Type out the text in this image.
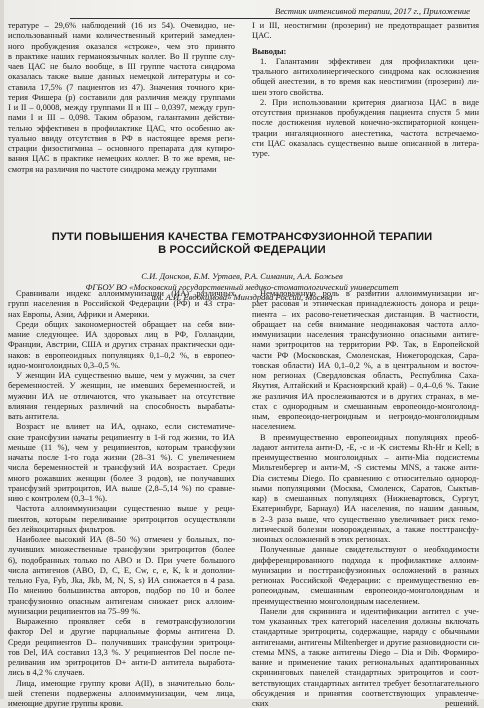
Вестник интенсивной терапии, 2017 г., Приложение
тературе – 29,6% наблюдений (16 из 54). Очевидно, не-
использованный нами количественный критерий замедлен-
ного пробуждения оказался «строже», чем это принято
в практике наших германоязычных коллег. Во II группе слу-
чаев ЦАС не было вообще, в III группе частота синдрома
оказалась также выше данных немецкой литературы и со-
ставила 17,5% (7 пациентов из 47). Значения точного кри-
терия Фишера (р) составили для различия между группами
I и II – 0,0008, между группами II и III – 0,0397, между груп-
пами I и III – 0,098. Таким образом, галантамин действи-
тельно эффективен в профилактике ЦАС, что особенно ак-
туально ввиду отсутствия в РФ в настоящее время реги-
страции физостигмина – основного препарата для купиро-
вания ЦАС в практике немецких коллег. В то же время, не-
смотря на различия по частоте синдрома между группами
I и III, неостигмин (прозерин) не предотвращает развития
ЦАС.
Выводы:
1. Галантамин эффективен для профилактики цен-
трального антихолинергического синдрома как осложнения
общей анестезии, в то время как неостигмин (прозерин) ли-
шен этого свойства.
2. При использовании критерия диагноза ЦАС в виде
отсутствия признаков пробуждения пациента спустя 5 мин
после достижения нулевой конечно-экспираторной концен-
трации ингаляционного анестетика, частота встречаемо-
сти ЦАС оказалась существенно выше описанной в литера-
туре.
ПУТИ ПОВЫШЕНИЯ КАЧЕСТВА ГЕМОТРАНСФУЗИОННОЙ ТЕРАПИИ
В РОССИЙСКОЙ ФЕДЕРАЦИИ
С.И. Донсков, Б.М. Уртаев, Р.А. Симанин, А.А. Божьев
ФГБОУ ВО «Московский государственный медико-стоматологический университет
им. А.И. Евдокимова» Минздрава России, Москва
Сравнивали индекс аллоиммунизации (ИА) различных
групп населения в Российской Федерации (РФ) и 43 стра-
нах Европы, Азии, Африки и Америки.
Среди общих закономерностей обращает на себя вни-
мание следующее. ИА здоровых лиц в РФ, Голландии,
Франции, Австрии, США и других странах практически оди-
наков: в европеоидных популяциях 0,1–0,2 %, в европео-
идно-монголоидных 0,3–0,5 %.
У женщин ИА существенно выше, чем у мужчин, за счет
беременностей. У женщин, не имевших беременностей, и
мужчин ИА не отличаются, что указывает на отсутствие
влияния гендерных различий на способность вырабаты-
вать антитела.
Возраст не влияет на ИА, однако, если систематиче-
ские трансфузии начаты реципиенту в 1-й год жизни, то ИА
меньше (11 %), чем у реципиентов, которым трансфузии
начаты после 1-го года жизни (28–31 %). С увеличением
числа беременностей и трансфузий ИА возрастает. Среди
много рожавших женщин (более 3 родов), не получавших
трансфузий эритроцитов, ИА выше (2,8–5,14 %) по сравне-
нию с контролем (0,3–1 %).
Частота аллоиммунизации существенно выше у реци-
пиентов, которым переливание эритроцитов осуществляли
без лейкоцитарных фильтров.
Наиболее высокий ИА (8–50 %) отмечен у больных, по-
лучивших множественные трансфузии эритроцитов (более
6), подобранных только по АВО и D. При учете большого
числа антигенов (АВО, D, C, E, Cw, c, e, K, k и дополни-
тельно Fya, Fyb, Jka, Jkb, M, N, S, s) ИА снижается в 4 раза.
По мнению большинства авторов, подбор по 10 и более
трансфузионно опасным антигенам снижает риск аллоим-
мунизации реципиентов на 75–99 %.
Выраженно проявляет себя в гемотрансфузиологии
фактор Del и другие парциальные формы антигена D.
Среди реципиентов D– получивших трансфузии эритроци-
тов Del, ИА составил 13,3 %. У реципиентов Del после пе-
реливания им эритроцитов D+ анти-D антитела выработа-
лись в 4,2 % случаев.
Лица, имеющие группу крови А(II), в значительно боль-
шей степени подвержены аллоиммунизации, чем лица,
имеющие другие группы крови.
Немаловажную роль в развитии аллоиммунизации иг-
рает расовая и этническая принадлежность донора и реци-
пиента – их расово-генетическая дистанция. В частности,
обращает на себя внимание неодинаковая частота алло-
иммунизации населения трансфузионно опасными антиге-
нами эритроцитов на территории РФ. Так, в Европейской
части РФ (Московская, Смоленская, Нижегородская, Сара-
товская области) ИА 0,1–0,2 %, а в центральном и восточ-
ном регионах (Свердловская область, Республика Саха-
Якутия, Алтайский и Красноярский край) – 0,4–0,6 %. Такие
же различия ИА прослеживаются и в других странах, в ме-
стах с однородным и смешанным европеоидо-монголоид-
ным, европеоидо-негроидным и негроидо-монголоидным
населением.
В преимущественно европеоидных популяциях преоб-
ладают антитела анти-D, -E, -c и -K системы Rh-Hr и Kell; в
преимущественно монголоидных – анти-Mia подсистемы
Мильтенбергер и анти-M, -S системы MNS, а также анти-
Dia системы Diego. По сравнению с относительно однород-
ными популяциями (Москва, Смоленск, Саратов, Сыктыв-
кар) в смешанных популяциях (Нижневартовск, Сургут,
Екатеринбург, Барнаул) ИА населения, по нашим данным,
в 2–3 раза выше, что существенно увеличивает риск гемо-
литической болезни новорожденных, а также посттрансфу-
зионных осложнений в этих регионах.
Полученные данные свидетельствуют о необходимости
дифференцированного подхода к профилактике аллоим-
мунизации и посттрансфузионных осложнений в разных
регионах Российской Федерации: с преимущественно ев-
ропеоидным, смешанным европеоидо-монголоидным и
преимущественно монголоидным населением.
Панели для скрининга и идентификации антител с уче-
том указанных трех категорий населения должны включать
стандартные эритроциты, содержащие, наряду с обычными
антигенами, антигены Miltenberger и другие разновидности си-
стемы MNS, а также антигены Diego – Dia и Dib. Формиро-
вание и применение таких региональных адаптированных
скрининговых панелей стандартных эритроцитов и соот-
ветствующих стандартных антител требует безотлагательного
обсуждения и принятия соответствующих управленче-
ских решений.
